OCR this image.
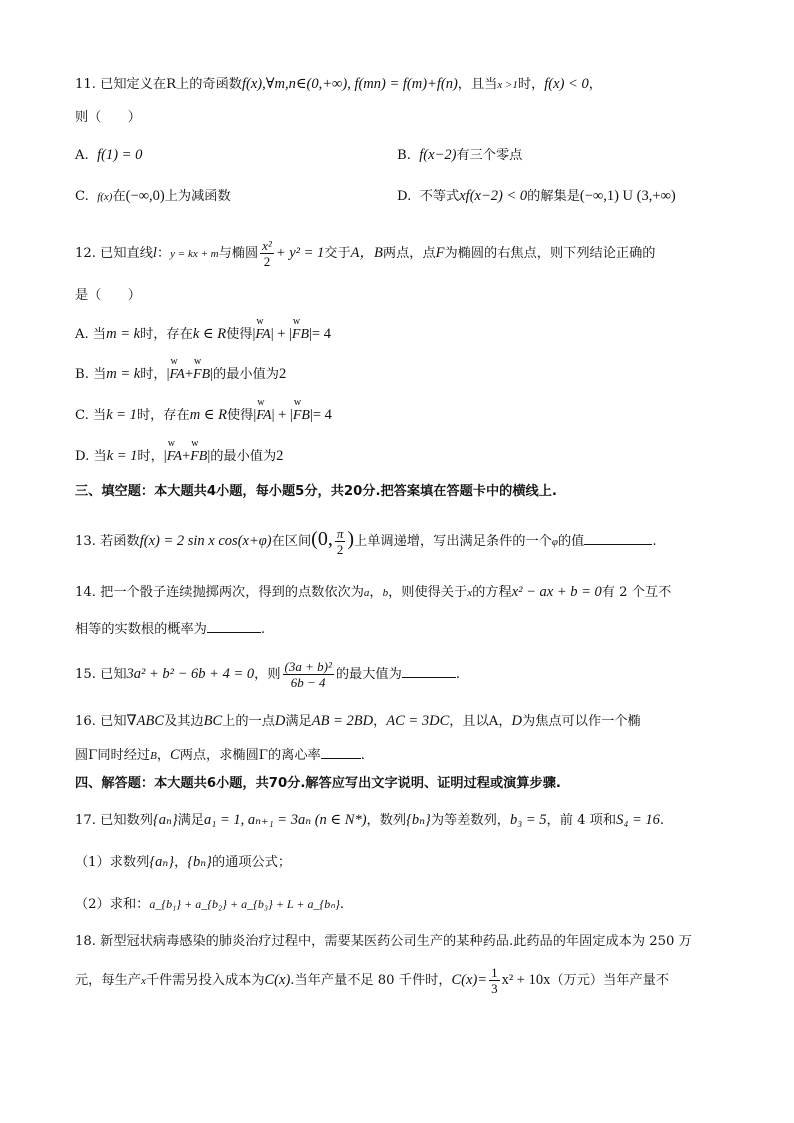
11. 已知定义在R上的奇函数f(x),∀m,n∈(0,+∞), f(mn) = f(m)+f(n)，且当x >1时，f(x) < 0，
则（　　）
A. f(1) = 0	B. f(x−2)有三个零点
C. f(x)在(−∞,0)上为减函数	D. 不等式xf(x−2) < 0的解集是(−∞,1) U (3,+∞)
12. 已知直线l：y = kx + m与椭圆 $\frac{\text{x²}}{2} + y^2 = 1$交于A，B两点，点F为椭圆的右焦点，则下列结论正确的
是（　　）
A. 当m = k时，存在k ∈ R使得|ԝ FA| + |ԝ FB|= 4
B. 当m = k时，|ԝ FA+ԝ FB|的最小值为2
C. 当k = 1时，存在m ∈ R使得|ԝ FA| + |ԝ FB|= 4
D. 当k = 1时，|ԝ FA+ԝ FB|的最小值为2
三、填空题：本大题共4小题，每小题5分，共20分.把答案填在答题卡中的横线上.
13. 若函数f(x) = 2 sin x cos(x+φ)在区间(0, $\frac{\pi}{2}$ )上单调递增，写出满足条件的一个φ的值	.
14. 把一个骰子连续抛掷两次，得到的点数依次为a，b，则使得关于x的方程x² − ax + b = 0有 2 个互不
相等的实数根的概率为	.
15. 已知3a² + b² − 6b + 4 = 0，则 $\frac{\text{(3a + b)²}}{6b - 4}$ 的最大值为	.
16. 已知∇ABC及其边BC上的一点D满足AB = 2BD，AC = 3DC，且以A，D为焦点可以作一个椭
圆Γ同时经过B，C两点，求椭圆Γ的离心率	.
四、解答题：本大题共6小题，共70分.解答应写出文字说明、证明过程或演算步骤.
17. 已知数列{aₙ}满足a₁ = 1, aₙ₊₁ = 3aₙ (n ∈ N*)，数列{bₙ}为等差数列，b₃ = 5，前 4 项和S₄ = 16.
（1）求数列{aₙ}，{bₙ}的通项公式；
（2）求和：a_{b₁} + a_{b₂} + a_{b₃} + L + a_{bₙ}.
18. 新型冠状病毒感染的肺炎治疗过程中，需要某医药公司生产的某种药品.此药品的年固定成本为 250 万
元，每生产x千件需另投入成本为C(x).当年产量不足 80 千件时，$C(x)= \frac{1}{3} x^2 + 10x$（万元）当年产量不
